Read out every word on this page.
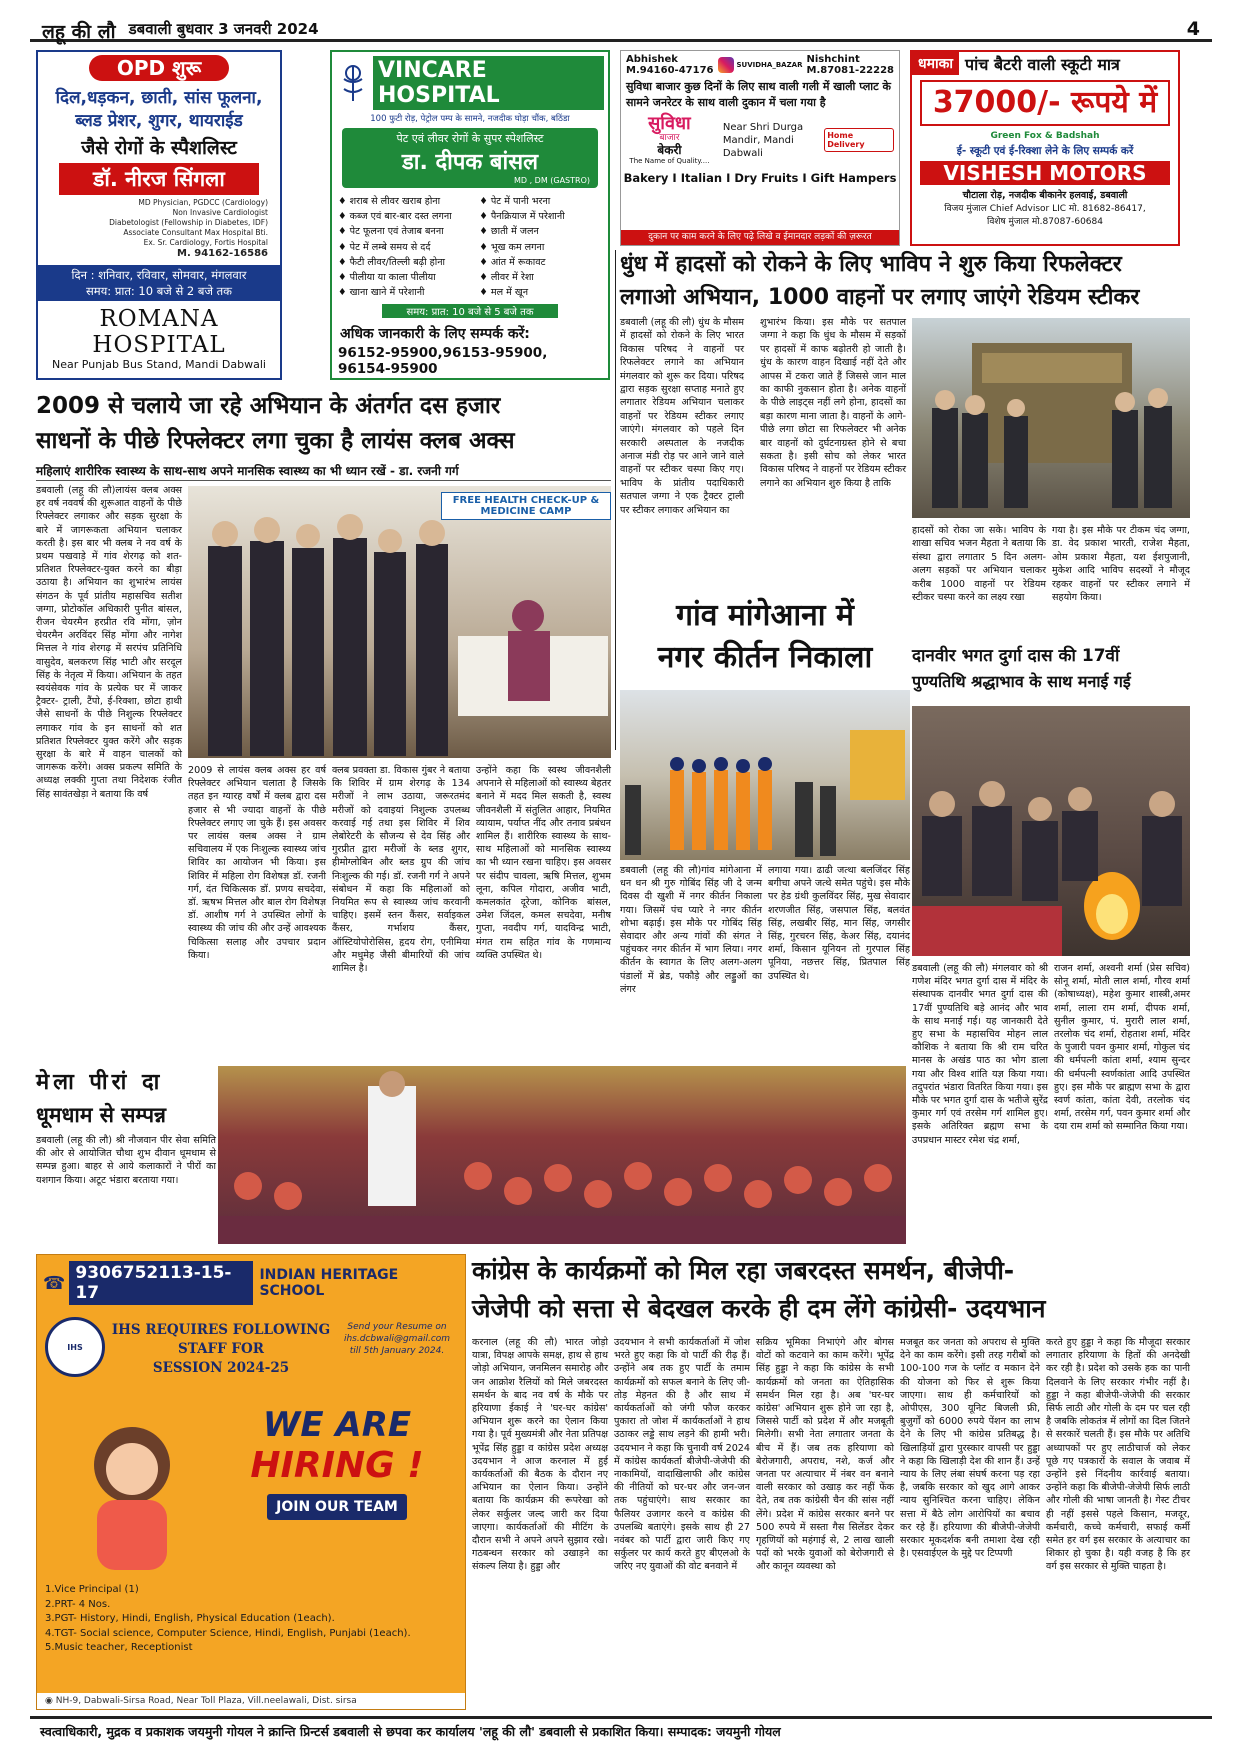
लहू की लौ डबवाली बुधवार 3 जनवरी 2024	4
OPD शुरू
दिल,धड़कन, छाती, सांस फूलना,
ब्लड प्रेशर, शुगर, थायराईड
जैसे रोगों के स्पैशलिस्ट
डॉ. नीरज सिंगला
MD Physician, PGDCC (Cardiology)
Non Invasive Cardiologist
Diabetologist (Fellowship in Diabetes, IDF)
Associate Consultant Max Hospital Bti.
Ex. Sr. Cardiology, Fortis Hospital
M. 94162-16586
दिन : शनिवार, रविवार, सोमवार, मंगलवार
समय: प्रात: 10 बजे से 2 बजे तक
ROMANA HOSPITAL
Near Punjab Bus Stand, Mandi Dabwali
VINCARE HOSPITAL
100 फुटी रोड़, पेट्रोल पम्प के सामने, नजदीक घोड़ा चौंक, बठिंडा
पेट एवं लीवर रोगों के सुपर स्पेशलिस्ट
डा. दीपक बांसल
MD , DM (GASTRO)
♦ शराब से लीवर खराब होना
♦ कब्ज एवं बार-बार दस्त लगना
♦ पेट फूलना एवं तेजाब बनना
♦ पेट में लम्बे समय से दर्द
♦ फैटी लीवर/तिल्ली बढ़ी होना
♦ पीलीया या काला पीलीया
♦ खाना खाने में परेशानी
♦ पेट में पानी भरना
♦ पैनक्रियाज में परेशानी
♦ छाती में जलन
♦ भूख कम लगना
♦ आंत में रूकावट
♦ लीवर में रेशा
♦ मल में खून
समय: प्रात: 10 बजे से 5 बजे तक
अधिक जानकारी के लिए सम्पर्क करें:
96152-95900,96153-95900, 96154-95900
Abhishek
M.94160-47176	SUVIDHA_BAZAR Nishchint
M.87081-22228
सुविधा बाजार कुछ दिनों के लिए साथ वाली गली में खाली प्लाट के सामने जनरेटर के साथ वाली दुकान में चला गया है
सुविधा
बाजार
बेकरी
The Name of Quality....
Near Shri Durga Mandir, Mandi Dabwali
Home Delivery
Bakery I Italian I Dry Fruits I Gift Hampers
दुकान पर काम करने के लिए पढ़े लिखे व ईमानदार लड़कों की ज़रूरत
धमाका पांच बैटरी वाली स्कूटी मात्र
37000/- रूपये में
Green Fox & Badshah
ई- स्कूटी एवं ई-रिक्शा लेने के लिए सम्पर्क करें
VISHESH MOTORS
चौटाला रोड़, नजदीक बीकानेर हलवाई, डबवाली
विजय मुंजाल Chief Advisor LIC मो. 81682-86417,
विशेष मुंजाल मो.87087-60684
धुंध में हादसों को रोकने के लिए भाविप ने शुरु किया रिफलेक्टर
लगाओ अभियान, 1000 वाहनों पर लगाए जाएंगे रेडियम स्टीकर
डबवाली (लहू की लौ) धुंध के मौसम में हादसों को रोकने के लिए भारत विकास परिषद ने वाहनों पर रिफलेक्टर लगाने का अभियान मंगलवार को शुरू कर दिया। परिषद द्वारा सड़क सुरक्षा सप्ताह मनाते हुए लगातार रेडियम अभियान चलाकर वाहनों पर रेडियम स्टीकर लगाए जाएंगे। मंगलवार को पहले दिन सरकारी अस्पताल के नजदीक अनाज मंडी रोड़ पर आने जाने वाले वाहनों पर स्टीकर चस्पा किए गए। भाविप के प्रांतीय पदाधिकारी सतपाल जग्गा ने एक ट्रैक्टर ट्राली पर स्टीकर लगाकर अभियान का
शुभारंभ किया। इस मौके पर सतपाल जग्गा ने कहा कि धुंध के मौसम में सड़कों पर हादसों में काफ बढ़ोतरी हो जाती है। धुंध के कारण वाहन दिखाई नहीं देते और आपस में टकरा जाते हैं जिससे जान माल का काफी नुकसान होता है। अनेक वाहनों के पीछे लाइट्स नहीं लगे होना, हादसों का बड़ा कारण माना जाता है। वाहनों के आगे-पीछे लगा छोटा सा रिफलेक्टर भी अनेक बार वाहनों को दुर्घटनाग्रस्त होने से बचा सकता है। इसी सोच को लेकर भारत विकास परिषद ने वाहनों पर रेडियम स्टीकर लगाने का अभियान शुरु किया है ताकि
हादसों को रोका जा सके। भाविप के शाखा सचिव भजन मैहता ने बताया कि संस्था द्वारा लगातार 5 दिन अलग-अलग सड़कों पर अभियान चलाकर करीब 1000 वाहनों पर रेडियम स्टीकर चस्पा करने का लक्ष्य रखा
गया है। इस मौके पर टीकम चंद जग्गा, डा. वेद प्रकाश भारती, राजेश मैहता, ओम प्रकाश मैहता, यश ईशपुजानी, मुकेश आदि भाविप सदस्यों ने मौजूद रहकर वाहनों पर स्टीकर लगाने में सहयोग किया।
2009 से चलाये जा रहे अभियान के अंतर्गत दस हजार
साधनों के पीछे रिफ्लेक्टर लगा चुका है लायंस क्लब अक्स
महिलाएं शारीरिक स्वास्थ्य के साथ-साथ अपने मानसिक स्वास्थ्य का भी ध्यान रखें - डा. रजनी गर्ग
डबवाली (लहू की लौ)लायंस क्लब अक्स हर वर्ष नववर्ष की शुरूआत वाहनों के पीछे रिफ्लेक्टर लगाकर और सड़क सुरक्षा के बारे में जागरूकता अभियान चलाकर करती है। इस बार भी क्लब ने नव वर्ष के प्रथम पखवाड़े में गांव शेरगढ़ को शत-प्रतिशत रिफ्लेक्टर-युक्त करने का बीड़ा उठाया है। अभियान का शुभारंभ लायंस संगठन के पूर्व प्रांतीय महासचिव सतीश जग्गा, प्रोटोकॉल अधिकारी पुनीत बांसल, रीजन चेयरमैन हरप्रीत रवि मोंगा, ज़ोन चेयरमैन अरविंदर सिंह मोंगा और नागेश मित्तल ने गांव शेरगढ़ में सरपंच प्रतिनिधि वासुदेव, बलकरण सिंह भाटी और सरदूल सिंह के नेतृत्व में किया। अभियान के तहत स्वयंसेवक गांव के प्रत्येक घर में जाकर ट्रैक्टर- ट्राली, टैंपो, ई-रिक्शा, छोटा हाथी जैसे साधनों के पीछे निशुल्क रिफ्लेक्टर लगाकर गांव के इन साधनों को शत प्रतिशत रिफ्लेक्टर युक्त करेंगे और सड़क सुरक्षा के बारे में वाहन चालकों को जागरूक करेंगे। अक्स प्रकल्प समिति के अध्यक्ष लक्की गुप्ता तथा निदेशक रंजीत सिंह सावंतखेड़ा ने बताया कि वर्ष
FREE HEALTH CHECK-UP & MEDICINE CAMP
2009 से लायंस क्लब अक्स हर वर्ष रिफ्लेक्टर अभियान चलाता है जिसके तहत इन ग्यारह वर्षों में क्लब द्वारा दस हजार से भी ज्यादा वाहनों के पीछे रिफ्लेक्टर लगाए जा चुके हैं। इस अवसर पर लायंस क्लब अक्स ने ग्राम सचिवालय में एक निःशुल्क स्वास्थ्य जांच शिविर का आयोजन भी किया। इस शिविर में महिला रोग विशेषज्ञ डॉ. रजनी गर्ग, दंत चिकित्सक डॉ. प्रणय सचदेवा, डॉ. ऋषभ मित्तल और बाल रोग विशेषज्ञ डॉ. आशीष गर्ग ने उपस्थित लोगों के स्वास्थ्य की जांच की और उन्हें आवश्यक चिकित्सा सलाह और उपचार प्रदान किया।
क्लब प्रवक्ता डा. विकास गुंबर ने बताया कि शिविर में ग्राम शेरगढ़ के 134 मरीजों ने लाभ उठाया, जरूरतमंद मरीजों को दवाइयां निशुल्क उपलब्ध करवाई गई तथा इस शिविर में शिव लेबोरेटरी के सौजन्य से देव सिंह और गुरप्रीत द्वारा मरीजों के ब्लड शुगर, हीमोग्लोबिन और ब्लड ग्रुप की जांच निःशुल्क की गई। डॉ. रजनी गर्ग ने अपने संबोधन में कहा कि महिलाओं को नियमित रूप से स्वास्थ्य जांच करवानी चाहिए। इसमें स्तन कैंसर, सर्वाइकल कैंसर, गर्भाशय कैंसर, ऑस्टियोपोरोसिस, हृदय रोग, एनीमिया और मधुमेह जैसी बीमारियों की जांच शामिल है।
उन्होंने कहा कि स्वस्थ जीवनशैली अपनाने से महिलाओं को स्वास्थ्य बेहतर बनाने में मदद मिल सकती है, स्वस्थ जीवनशैली में संतुलित आहार, नियमित व्यायाम, पर्याप्त नींद और तनाव प्रबंधन शामिल हैं। शारीरिक स्वास्थ्य के साथ-साथ महिलाओं को मानसिक स्वास्थ्य का भी ध्यान रखना चाहिए। इस अवसर पर संदीप चावला, ऋषि मित्तल, शुभम लूना, कपिल गोदारा, अजीव भाटी, कमलकांत दूरेजा, कोनिक बांसल, उमेश जिंदल, कमल सचदेवा, मनीष गुप्ता, नवदीप गर्ग, यादविन्द्र भाटी, मंगत राम सहित गांव के गणमान्य व्यक्ति उपस्थित थे।
गांव मांगेआना में
नगर कीर्तन निकाला
डबवाली (लहू की लौ)गांव मांगेआना में धन धन श्री गुरु गोबिंद सिंह जी दे जन्म दिवस दी खुशी में नगर कीर्तन निकाला गया। जिसमें पंच प्यारे ने नगर कीर्तन शोभा बढ़ाई। इस मौके पर गोबिंद सिंह सेवादार और अन्य गांवों की संगत ने पहुंचकर नगर कीर्तन में भाग लिया। नगर कीर्तन के स्वागत के लिए अलग-अलग पंडालों में ब्रेड, पकौड़े और लड्डुओं का लंगर
लगाया गया। ढाढी जत्था बलजिंदर सिंह बगीचा अपने जत्थे समेत पहुंचे। इस मौके पर हेड ग्रंथी कुलविंदर सिंह, मुख सेवादार शरणजीत सिंह, जसपाल सिंह, बलवंत सिंह, लखबीर सिंह, मान सिंह, जगसीर सिंह, गुरचरन सिंह, केअर सिंह, दयानंद शर्मा, किसान यूनियन तो गुरपाल सिंह पूनिया, नछत्तर सिंह, प्रितपाल सिंह उपस्थित थे।
दानवीर भगत दुर्गा दास की 17वीं
पुण्यतिथि श्रद्धाभाव के साथ मनाई गई
डबवाली (लहू की लौ) मंगलवार को श्री गणेश मंदिर भगत दुर्गा दास में मंदिर के संस्थापक दानवीर भगत दुर्गा दास की 17वीं पुण्यतिथि बड़े आनंद और भाव के साथ मनाई गई। यह जानकारी देते हुए सभा के महासचिव मोहन लाल कौशिक ने बताया कि श्री राम चरित मानस के अखंड पाठ का भोग डाला गया और विश्व शांति यज्ञ किया गया। तदुपरांत भंडारा वितरित किया गया। इस मौके पर भगत दुर्गा दास के भतीजे सुरेंद्र कुमार गर्ग एवं तरसेम गर्ग शामिल हुए। इसके अतिरिक्त ब्रह्मण सभा के उपप्रधान मास्टर रमेश चंद्र शर्मा,
राजन शर्मा, अश्वनी शर्मा (प्रेस सचिव) सोनू शर्मा, मोती लाल शर्मा, गौरव शर्मा (कोषाध्यक्ष), महेश कुमार शास्त्री,अमर शर्मा, लाला राम शर्मा, दीपक शर्मा, सुनील कुमार, पं. मुरारी लाल शर्मा, तरलोक चंद शर्मा, रोहताश शर्मा, मंदिर के पुजारी पवन कुमार शर्मा, गोकुल चंद की धर्मपत्नी कांता शर्मा, श्याम सुन्दर की धर्मपत्नी स्वर्णकांता आदि उपस्थित हुए। इस मौके पर ब्राह्मण सभा के द्वारा स्वर्ण कांता, कांता देवी, तरलोक चंद शर्मा, तरसेम गर्ग, पवन कुमार शर्मा और दया राम शर्मा को सम्मानित किया गया।
मेला पीरां दा
धूमधाम से सम्पन्न
डबवाली (लहू की लौ) श्री नौजवान पीर सेवा समिति की ओर से आयोजित चौथा शुभ दीवान धूमधाम से सम्पन्न हुआ। बाहर से आये कलाकारों ने पीरों का यशगान किया। अटूट भंडारा बरताया गया।
☎ 9306752113-15-17
INDIAN HERITAGE SCHOOL
IHS
IHS REQUIRES FOLLOWING
STAFF FOR
SESSION 2024-25
Send your Resume on
ihs.dcbwali@gmail.com
till 5th January 2024.
WE ARE
HIRING !
JOIN OUR TEAM
1.Vice Principal (1)
2.PRT- 4 Nos.
3.PGT- History, Hindi, English, Physical Education (1each).
4.TGT- Social science, Computer Science, Hindi, English, Punjabi (1each).
5.Music teacher, Receptionist
◉ NH-9, Dabwali-Sirsa Road, Near Toll Plaza, Vill.neelawali, Dist. sirsa
कांग्रेस के कार्यक्रमों को मिल रहा जबरदस्त समर्थन, बीजेपी-
जेजेपी को सत्ता से बेदखल करके ही दम लेंगे कांग्रेसी- उदयभान
करनाल (लहू की लौ) भारत जोड़ो यात्रा, विपक्ष आपके समक्ष, हाथ से हाथ जोड़ो अभियान, जनमिलन समारोह और जन आक्रोश रैलियों को मिले जबरदस्त समर्थन के बाद नव वर्ष के मौके पर हरियाणा ईकाई ने 'घर-घर कांग्रेस' अभियान शुरू करने का ऐलान किया गया है। पूर्व मुख्यमंत्री और नेता प्रतिपक्ष भूपेंद्र सिंह हुड्डा व कांग्रेस प्रदेश अध्यक्ष उदयभान ने आज करनाल में हुई कार्यकर्ताओं की बैठक के दौरान नए अभियान का ऐलान किया। उन्होंने बताया कि कार्यक्रम की रूपरेखा को लेकर सर्कुलर जल्द जारी कर दिया जाएगा। कार्यकर्ताओं की मीटिंग के दौरान सभी ने अपने अपने सुझाव रखे। गठबन्धन सरकार को उखाड़ने का संकल्प लिया है। हुड्डा और
उदयभान ने सभी कार्यकर्ताओं में जोश भरते हुए कहा कि वो पार्टी की रीढ़ हैं। उन्होंने अब तक हुए पार्टी के तमाम कार्यक्रमों को सफल बनाने के लिए जी-तोड़ मेहनत की है और साथ में कार्यकर्ताओं को जंगी फौज करकर पुकारा तो जोश में कार्यकर्ताओं ने हाथ उठाकर लड्डे साथ लड़ने की हामी भरी। उदयभान ने कहा कि चुनावी वर्ष 2024 में कांग्रेस कार्यकर्ता बीजेपी-जेजेपी की नाकामियों, वादाखिलाफी और कांग्रेस की नीतियों को घर-घर और जन-जन तक पहुंचाएंगे। साथ सरकार का फैलियर उजागर करने व कांग्रेस की उपलब्धि बताएंगे। इसके साथ ही 27 नवंबर को पार्टी द्वारा जारी किए गए सर्कुलर पर कार्य करते हुए बीएलओ के जरिए नए युवाओं की वोट बनवाने में
सक्रिय भूमिका निभाएंगे और बोगस वोटों को कटवाने का काम करेंगे। भूपेंद्र सिंह हुड्डा ने कहा कि कांग्रेस के सभी कार्यक्रमों को जनता का ऐतिहासिक समर्थन मिल रहा है। अब 'घर-घर कांग्रेस' अभियान शुरू होने जा रहा है, जिससे पार्टी को प्रदेश में और मजबूती मिलेगी। सभी नेता लगातार जनता के बीच में हैं। जब तक हरियाणा को बेरोजगारी, अपराध, नशे, कर्ज और जनता पर अत्याचार में नंबर वन बनाने वाली सरकार को उखाड़ कर नहीं फेंक देते, तब तक कांग्रेसी चैन की सांस नहीं लेंगे। प्रदेश में कांग्रेस सरकार बनने पर 500 रुपये में सस्ता गैस सिलेंडर देकर गृहणियों को महंगाई से, 2 लाख खाली पदों को भरके युवाओं को बेरोजगारी से और कानून व्यवस्था को
मजबूत कर जनता को अपराध से मुक्ति देने का काम करेंगे। इसी तरह गरीबों को 100-100 गज के प्लॉट व मकान देने की योजना को फिर से शुरू किया जाएगा। साथ ही कर्मचारियों को ओपीएस, 300 यूनिट बिजली फ्री, बुजुर्गों को 6000 रुपये पेंशन का लाभ देने के लिए भी कांग्रेस प्रतिबद्ध है। खिलाड़ियों द्वारा पुरस्कार वापसी पर हुड्डा ने कहा कि खिलाड़ी देश की शान हैं। उन्हें न्याय के लिए लंबा संघर्ष करना पड़ रहा है, जबकि सरकार को खुद आगे आकर न्याय सुनिश्चित करना चाहिए। लेकिन सत्ता में बैठे लोग आरोपियों का बचाव कर रहे हैं। हरियाणा की बीजेपी-जेजेपी सरकार मूकदर्शक बनी तमाशा देख रही है। एसवाईएल के मुद्दे पर टिप्पणी
करते हुए हुड्डा ने कहा कि मौजूदा सरकार लगातार हरियाणा के हितों की अनदेखी कर रही है। प्रदेश को उसके हक का पानी दिलवाने के लिए सरकार गंभीर नहीं है। हुड्डा ने कहा बीजेपी-जेजेपी की सरकार सिर्फ लाठी और गोली के दम पर चल रही है जबकि लोकतंत्र में लोगों का दिल जितने से सरकारें चलती हैं। इस मौके पर अतिथि अध्यापकों पर हुए लाठीचार्ज को लेकर पूछे गए पत्रकारों के सवाल के जवाब में उन्होंने इसे निंदनीय कार्रवाई बताया। उन्होंने कहा कि बीजेपी-जेजेपी सिर्फ लाठी और गोली की भाषा जानती है। गेस्ट टीचर ही नहीं इससे पहले किसान, मजदूर, कर्मचारी, कच्चे कर्मचारी, सफाई कर्मी समेत हर वर्ग इस सरकार के अत्याचार का शिकार हो चुका है। यही वजह है कि हर वर्ग इस सरकार से मुक्ति चाहता है।
स्वत्वाधिकारी, मुद्रक व प्रकाशक जयमुनी गोयल ने क्रान्ति प्रिन्टर्स डबवाली से छपवा कर कार्यालय 'लहू की लौ' डबवाली से प्रकाशित किया। सम्पादक: जयमुनी गोयल
